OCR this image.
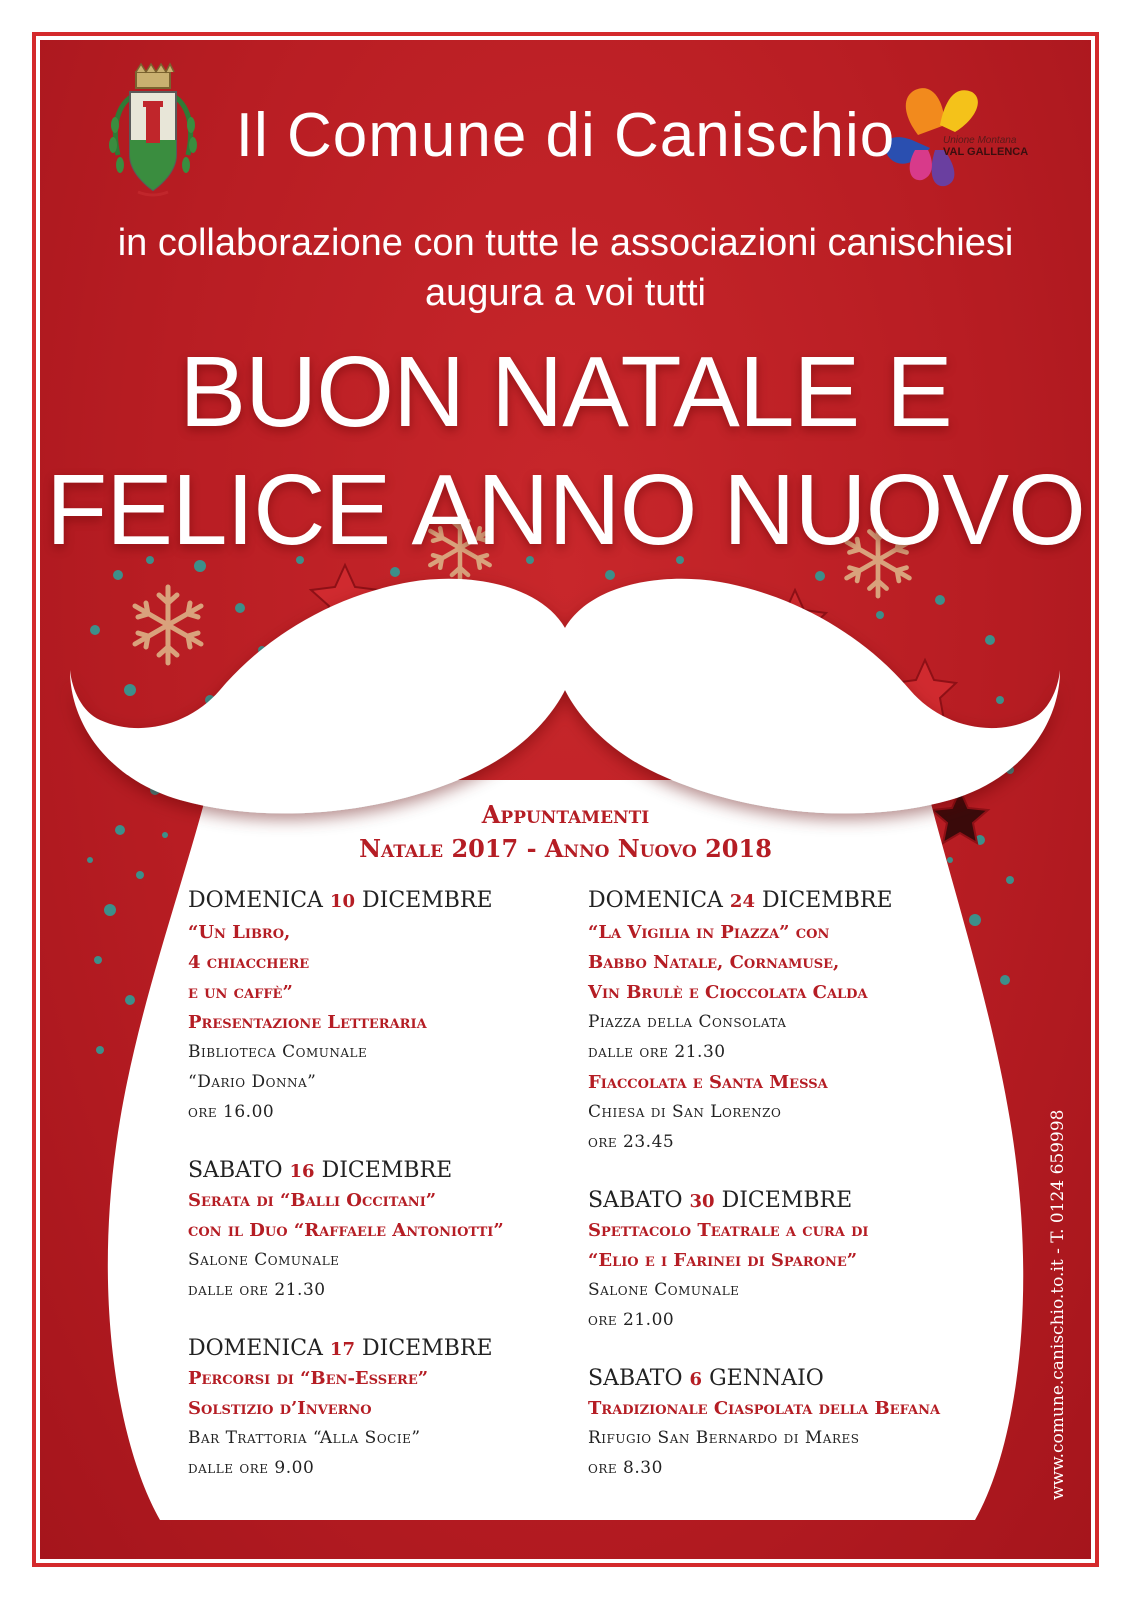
Unione Montana
VAL GALLENCA

Il Comune di Canischio

in collaborazione con tutte le associazioni canischiesi

augura a voi tutti

BUON NATALE E

FELICE ANNO NUOVO

Appuntamenti

Natale 2017 - Anno Nuovo 2018

DOMENICA 10 DICEMBRE

“Un Libro,

4 chiacchere

e un caffè”

Presentazione Letteraria

Biblioteca Comunale

“Dario Donna”

ore 16.00

SABATO 16 DICEMBRE

Serata di “Balli Occitani”

con il Duo “Raffaele Antoniotti”

Salone Comunale

dalle ore 21.30

DOMENICA 17 DICEMBRE

Percorsi di “Ben-Essere”

Solstizio d’Inverno

Bar Trattoria “Alla Socie”

dalle ore 9.00

DOMENICA 24 DICEMBRE

“La Vigilia in Piazza” con

Babbo Natale, Cornamuse,

Vin Brulè e Cioccolata Calda

Piazza della Consolata

dalle ore 21.30

Fiaccolata e Santa Messa

Chiesa di San Lorenzo

ore 23.45

SABATO 30 DICEMBRE

Spettacolo Teatrale a cura di

“Elio e i Farinei di Sparone”

Salone Comunale

ore 21.00

SABATO 6 GENNAIO

Tradizionale Ciaspolata della Befana

Rifugio San Bernardo di Mares

ore 8.30	www.comune.canischio.to.it - T. 0124 659998
